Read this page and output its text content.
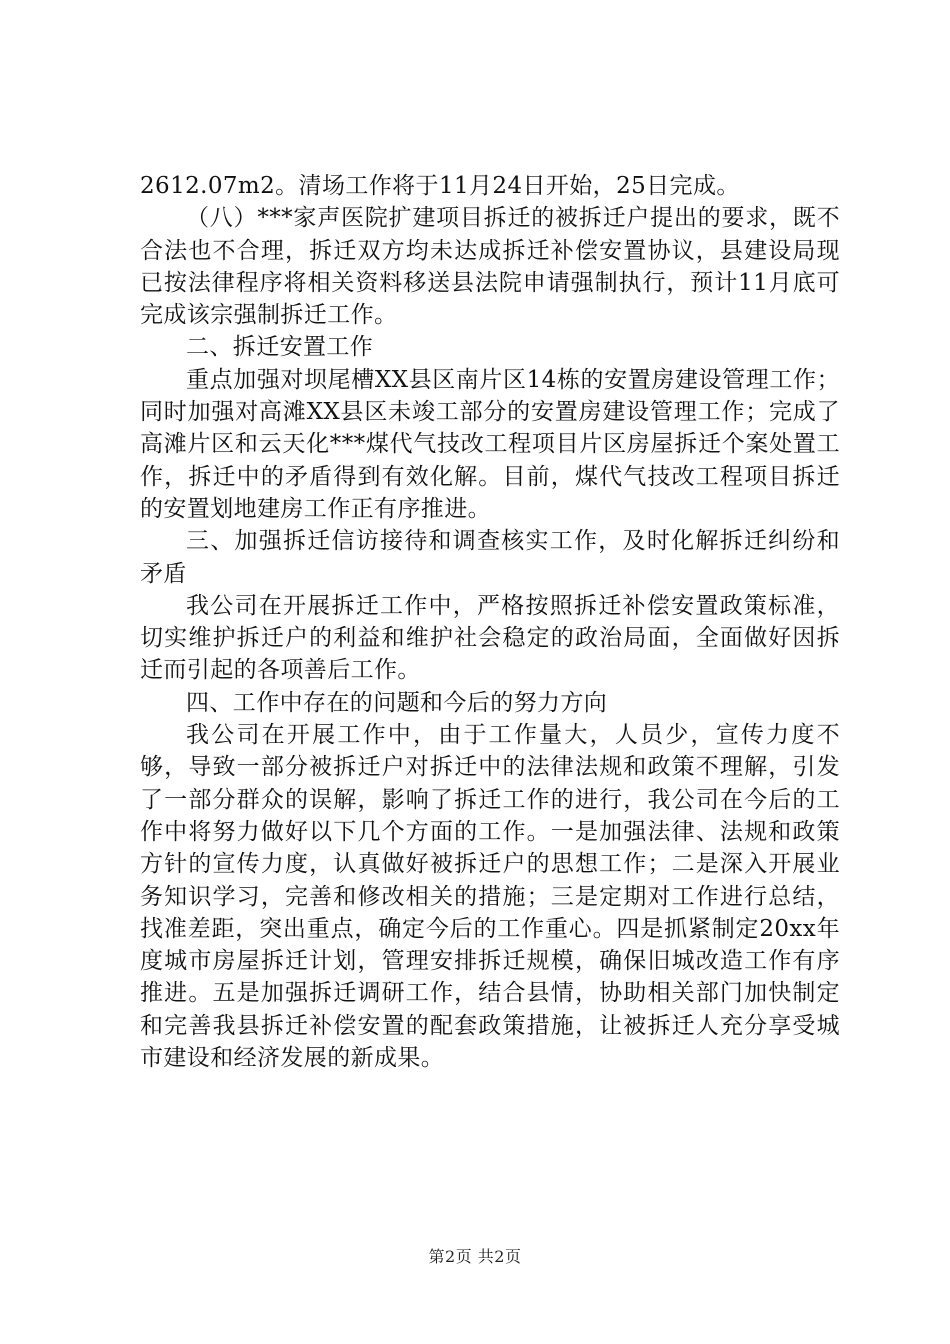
2612.07m2。清场工作将于11月24日开始，25日完成。

（八）***家声医院扩建项目拆迁的被拆迁户提出的要求，既不合法也不合理，拆迁双方均未达成拆迁补偿安置协议，县建设局现已按法律程序将相关资料移送县法院申请强制执行，预计11月底可完成该宗强制拆迁工作。

二、拆迁安置工作

重点加强对坝尾槽XX县区南片区14栋的安置房建设管理工作；同时加强对高滩XX县区未竣工部分的安置房建设管理工作；完成了高滩片区和云天化***煤代气技改工程项目片区房屋拆迁个案处置工作，拆迁中的矛盾得到有效化解。目前，煤代气技改工程项目拆迁的安置划地建房工作正有序推进。

三、加强拆迁信访接待和调查核实工作，及时化解拆迁纠纷和矛盾

我公司在开展拆迁工作中，严格按照拆迁补偿安置政策标准，切实维护拆迁户的利益和维护社会稳定的政治局面，全面做好因拆迁而引起的各项善后工作。

四、工作中存在的问题和今后的努力方向

我公司在开展工作中，由于工作量大，人员少，宣传力度不够，导致一部分被拆迁户对拆迁中的法律法规和政策不理解，引发了一部分群众的误解，影响了拆迁工作的进行，我公司在今后的工作中将努力做好以下几个方面的工作。一是加强法律、法规和政策方针的宣传力度，认真做好被拆迁户的思想工作；二是深入开展业务知识学习，完善和修改相关的措施；三是定期对工作进行总结，找准差距，突出重点，确定今后的工作重心。四是抓紧制定20xx年度城市房屋拆迁计划，管理安排拆迁规模，确保旧城改造工作有序推进。五是加强拆迁调研工作，结合县情，协助相关部门加快制定和完善我县拆迁补偿安置的配套政策措施，让被拆迁人充分享受城市建设和经济发展的新成果。

第2页 共2页
